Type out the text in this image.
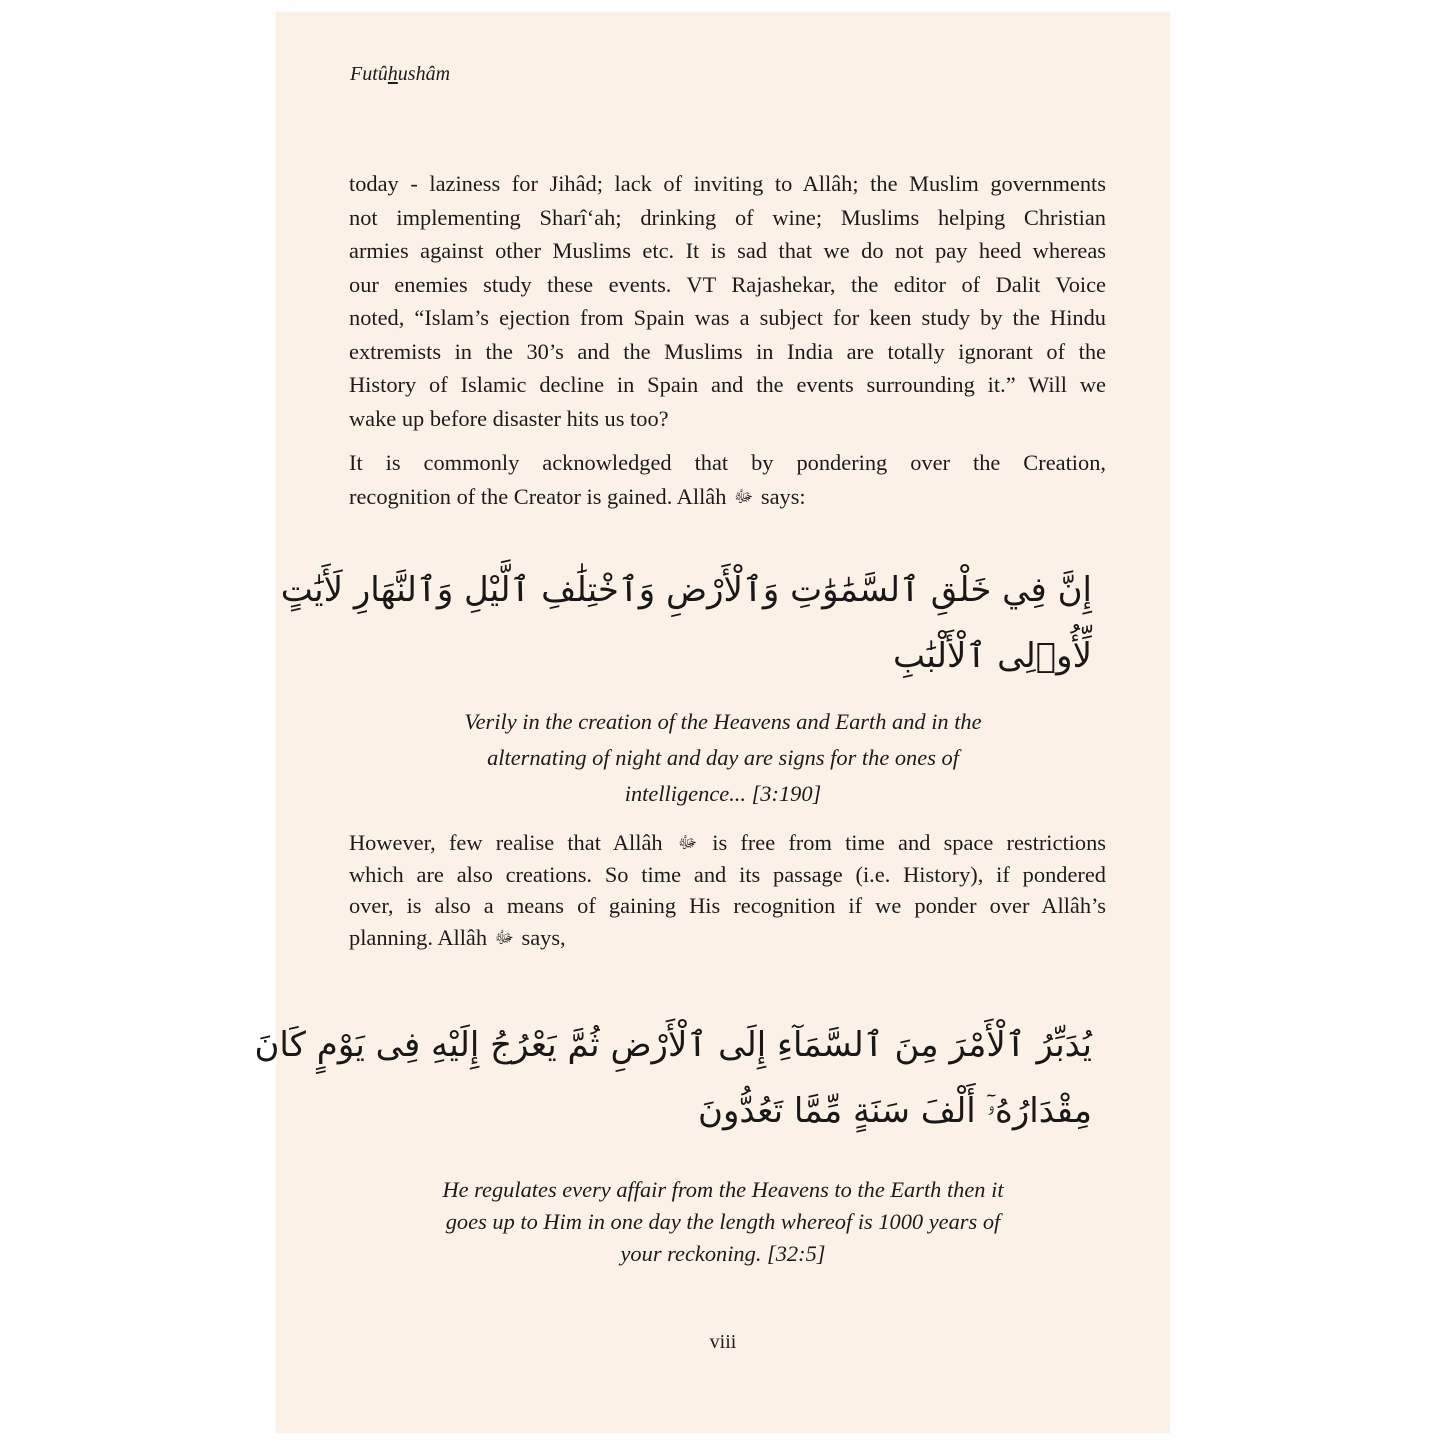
Futûhushâm
today - laziness for Jihâd; lack of inviting to Allâh; the Muslim governments
not implementing Sharî‘ah; drinking of wine; Muslims helping Christian
armies against other Muslims etc. It is sad that we do not pay heed whereas
our enemies study these events. VT Rajashekar, the editor of Dalit Voice
noted, “Islam’s ejection from Spain was a subject for keen study by the Hindu
extremists in the 30’s and the Muslims in India are totally ignorant of the
History of Islamic decline in Spain and the events surrounding it.” Will we
wake up before disaster hits us too?
It is commonly acknowledged that by pondering over the Creation,
recognition of the Creator is gained. Allâh ﷻ says:
إِنَّ فِي خَلْقِ ٱلسَّمَٰوَٰتِ وَٱلْأَرْضِ وَٱخْتِلَٰفِ ٱلَّيْلِ وَٱلنَّهَارِ لَأَيَٰتٍ
لِّأُو۟لِى ٱلْأَلْبَٰبِ
Verily in the creation of the Heavens and Earth and in the
alternating of night and day are signs for the ones of
intelligence... [3:190]
However, few realise that Allâh ﷻ is free from time and space restrictions
which are also creations. So time and its passage (i.e. History), if pondered
over, is also a means of gaining His recognition if we ponder over Allâh’s
planning. Allâh ﷻ says,
يُدَبِّرُ ٱلْأَمْرَ مِنَ ٱلسَّمَآءِ إِلَى ٱلْأَرْضِ ثُمَّ يَعْرُجُ إِلَيْهِ فِى يَوْمٍ كَانَ
مِقْدَارُهُۥٓ أَلْفَ سَنَةٍ مِّمَّا تَعُدُّونَ
He regulates every affair from the Heavens to the Earth then it
goes up to Him in one day the length whereof is 1000 years of
your reckoning. [32:5]
viii
